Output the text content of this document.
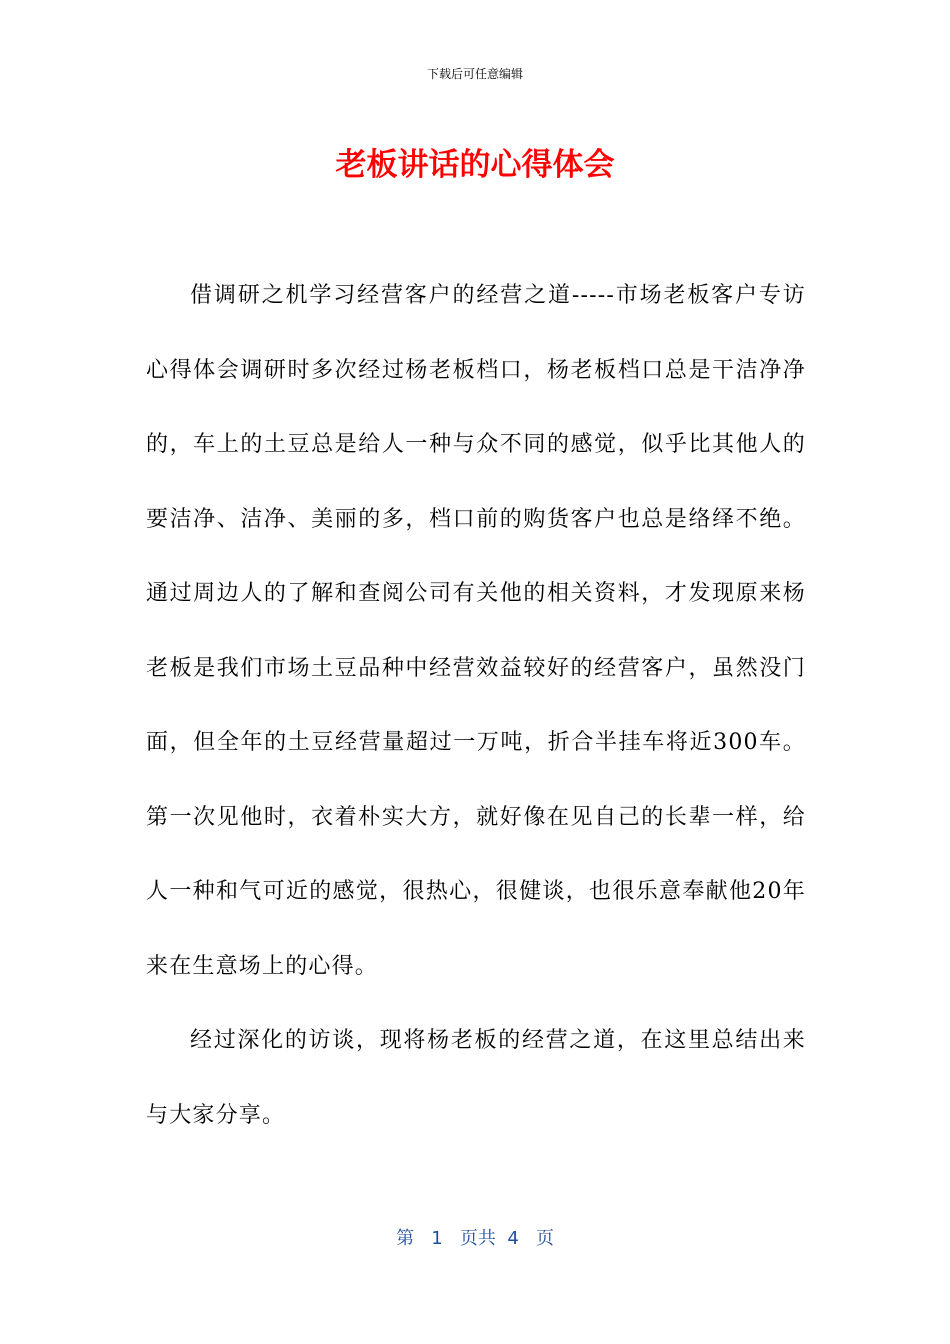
下载后可任意编辑
老板讲话的心得体会

借调研之机学习经营客户的经营之道-----市场老板客户专访心得体会调研时多次经过杨老板档口，杨老板档口总是干洁净净的，车上的土豆总是给人一种与众不同的感觉，似乎比其他人的要洁净、洁净、美丽的多，档口前的购货客户也总是络绎不绝。通过周边人的了解和查阅公司有关他的相关资料，才发现原来杨老板是我们市场土豆品种中经营效益较好的经营客户，虽然没门面，但全年的土豆经营量超过一万吨，折合半挂车将近300车。第一次见他时，衣着朴实大方，就好像在见自己的长辈一样，给人一种和气可近的感觉，很热心，很健谈，也很乐意奉献他20年来在生意场上的心得。

经过深化的访谈，现将杨老板的经营之道，在这里总结出来与大家分享。

第 1 页共 4 页
